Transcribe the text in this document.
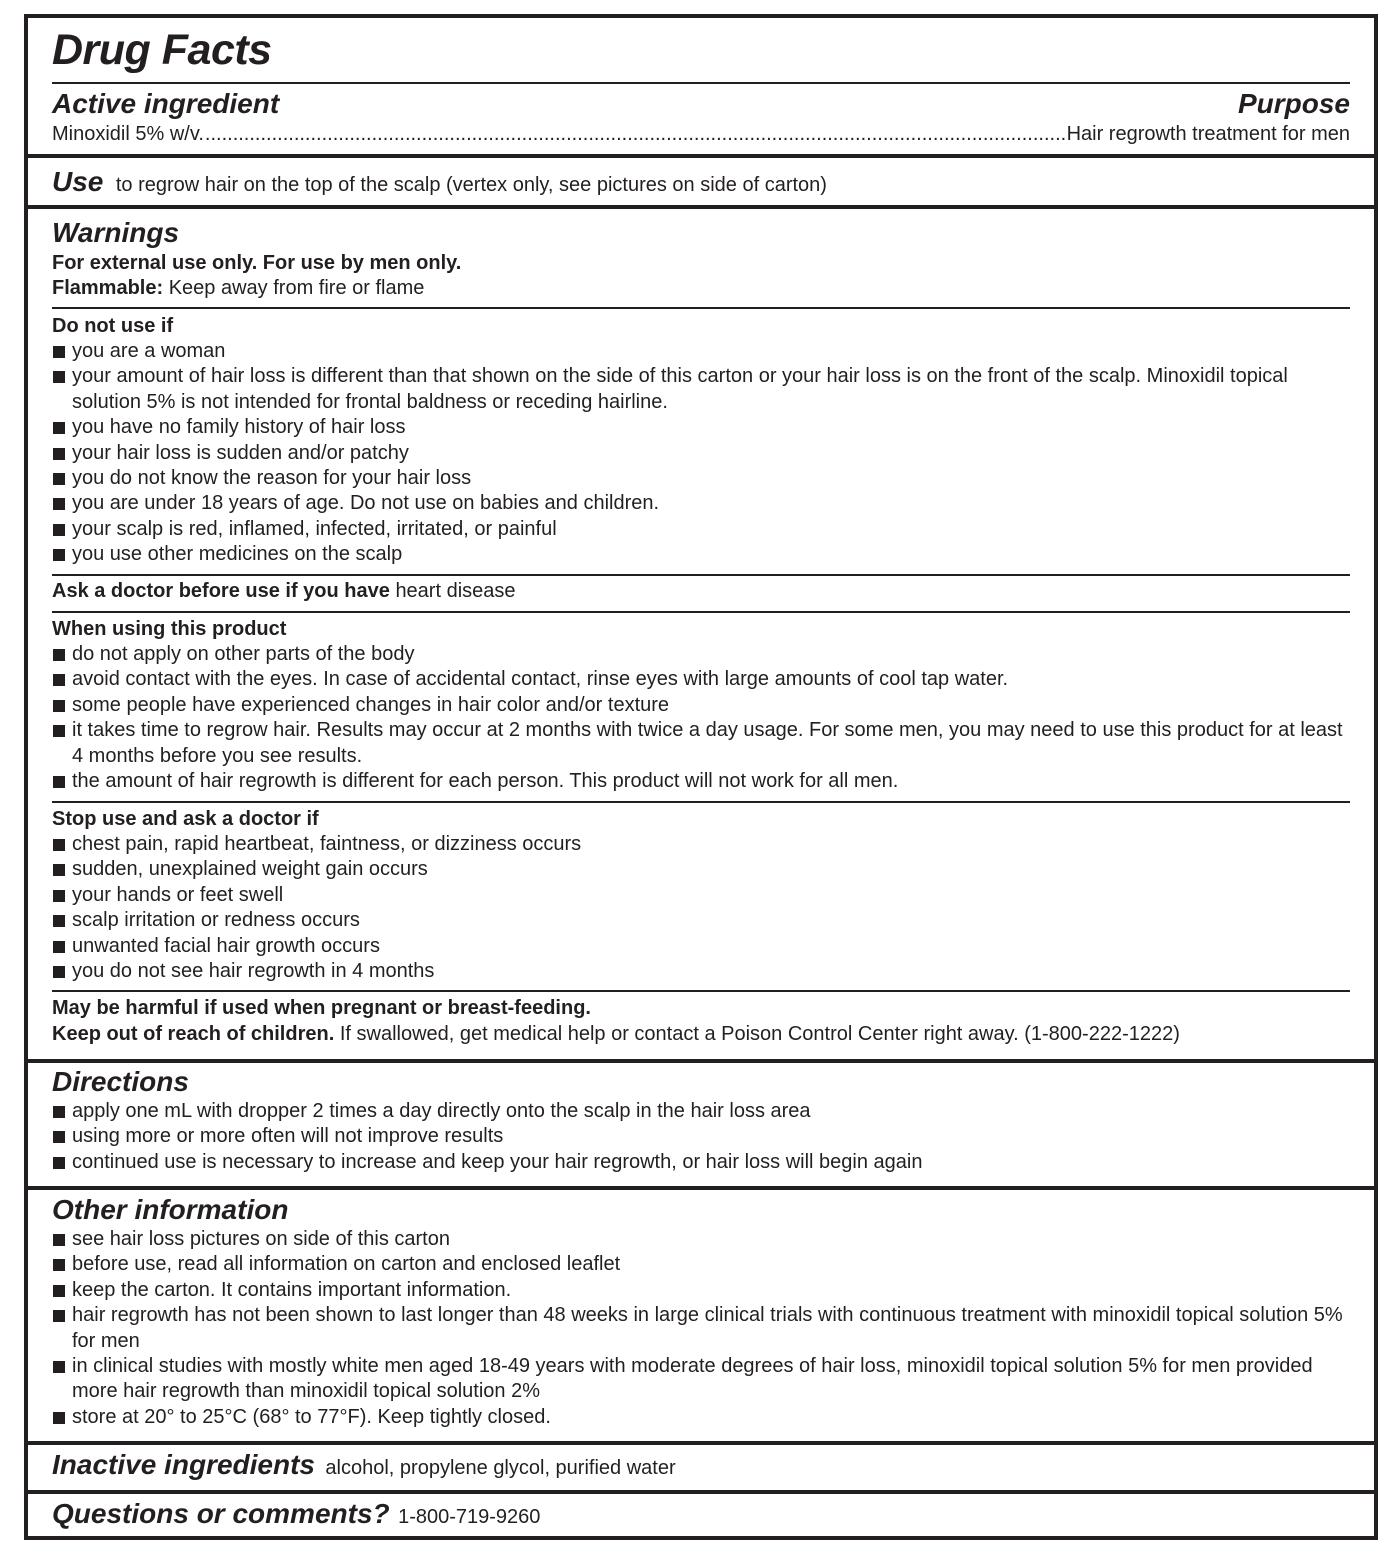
Drug Facts
Active ingredient	Purpose
Minoxidil 5% w/v.
.....	Hair regrowth treatment for men
Use to regrow hair on the top of the scalp (vertex only, see pictures on side of carton)
Warnings
For external use only. For use by men only.
Flammable: Keep away from fire or flame
Do not use if
you are a woman
your amount of hair loss is different than that shown on the side of this carton or your hair loss is on the front of the scalp. Minoxidil topical solution 5% is not intended for frontal baldness or receding hairline.
you have no family history of hair loss
your hair loss is sudden and/or patchy
you do not know the reason for your hair loss
you are under 18 years of age. Do not use on babies and children.
your scalp is red, inflamed, infected, irritated, or painful
you use other medicines on the scalp
Ask a doctor before use if you have heart disease
When using this product
do not apply on other parts of the body
avoid contact with the eyes. In case of accidental contact, rinse eyes with large amounts of cool tap water.
some people have experienced changes in hair color and/or texture
it takes time to regrow hair. Results may occur at 2 months with twice a day usage. For some men, you may need to use this product for at least 4 months before you see results.
the amount of hair regrowth is different for each person. This product will not work for all men.
Stop use and ask a doctor if
chest pain, rapid heartbeat, faintness, or dizziness occurs
sudden, unexplained weight gain occurs
your hands or feet swell
scalp irritation or redness occurs
unwanted facial hair growth occurs
you do not see hair regrowth in 4 months
May be harmful if used when pregnant or breast-feeding.
Keep out of reach of children. If swallowed, get medical help or contact a Poison Control Center right away. (1-800-222-1222)
Directions
apply one mL with dropper 2 times a day directly onto the scalp in the hair loss area
using more or more often will not improve results
continued use is necessary to increase and keep your hair regrowth, or hair loss will begin again
Other information
see hair loss pictures on side of this carton
before use, read all information on carton and enclosed leaflet
keep the carton. It contains important information.
hair regrowth has not been shown to last longer than 48 weeks in large clinical trials with continuous treatment with minoxidil topical solution 5% for men
in clinical studies with mostly white men aged 18-49 years with moderate degrees of hair loss, minoxidil topical solution 5% for men provided more hair regrowth than minoxidil topical solution 2%
store at 20° to 25°C (68° to 77°F). Keep tightly closed.
Inactive ingredients alcohol, propylene glycol, purified water
Questions or comments? 1-800-719-9260
